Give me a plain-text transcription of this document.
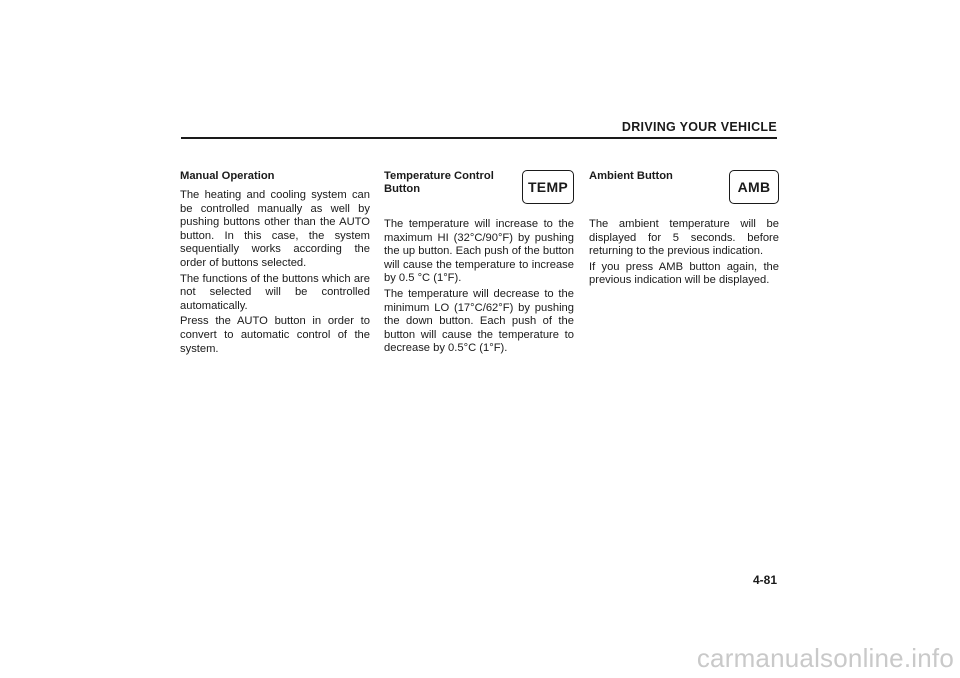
DRIVING YOUR VEHICLE
Manual Operation

The heating and cooling system can be controlled manually as well by pushing buttons other than the AUTO button. In this case, the system sequentially works according the order of buttons selected.

The functions of the buttons which are not selected will be controlled automatically.

Press the AUTO button in order to convert to automatic control of the system.

Temperature Control Button	TEMP

The temperature will increase to the maximum HI (32°C/90°F) by pushing the up button. Each push of the button will cause the temperature to increase by 0.5 °C (1°F).

The temperature will decrease to the minimum LO (17°C/62°F) by pushing the down button. Each push of the button will cause the temperature to decrease by 0.5°C (1°F).

Ambient Button
AMB

The ambient temperature will be displayed for 5 seconds. before returning to the previous indication.

If you press AMB button again, the previous indication will be displayed.

4-81
carmanualsonline.info
